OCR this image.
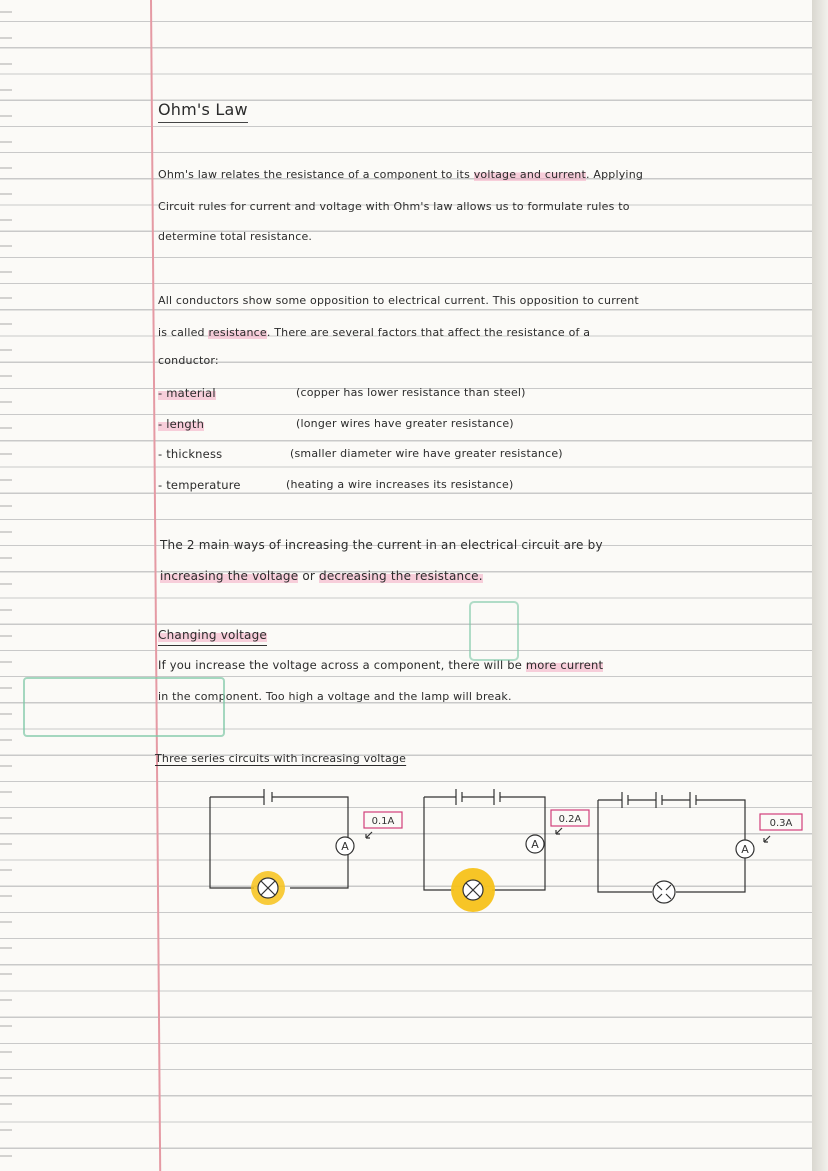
Ohm's Law
Ohm's law relates the resistance of a component to its voltage and current. Applying
Circuit rules for current and voltage with Ohm's law allows us to formulate rules to
determine total resistance.
All conductors show some opposition to electrical current. This opposition to current
is called resistance. There are several factors that affect the resistance of a
conductor:
- material	(copper has lower resistance than steel)
- length	(longer wires have greater resistance)
- thickness	(smaller diameter wire have greater resistance)
- temperature	(heating a wire increases its resistance)
The 2 main ways of increasing the current in an electrical circuit are by
increasing the voltage or decreasing the resistance.
Changing voltage
If you increase the voltage across a component, there will be more current
in the component. Too high a voltage and the lamp will break.
Three series circuits with increasing voltage
A
0.1A
A
0.2A
A
0.3A
